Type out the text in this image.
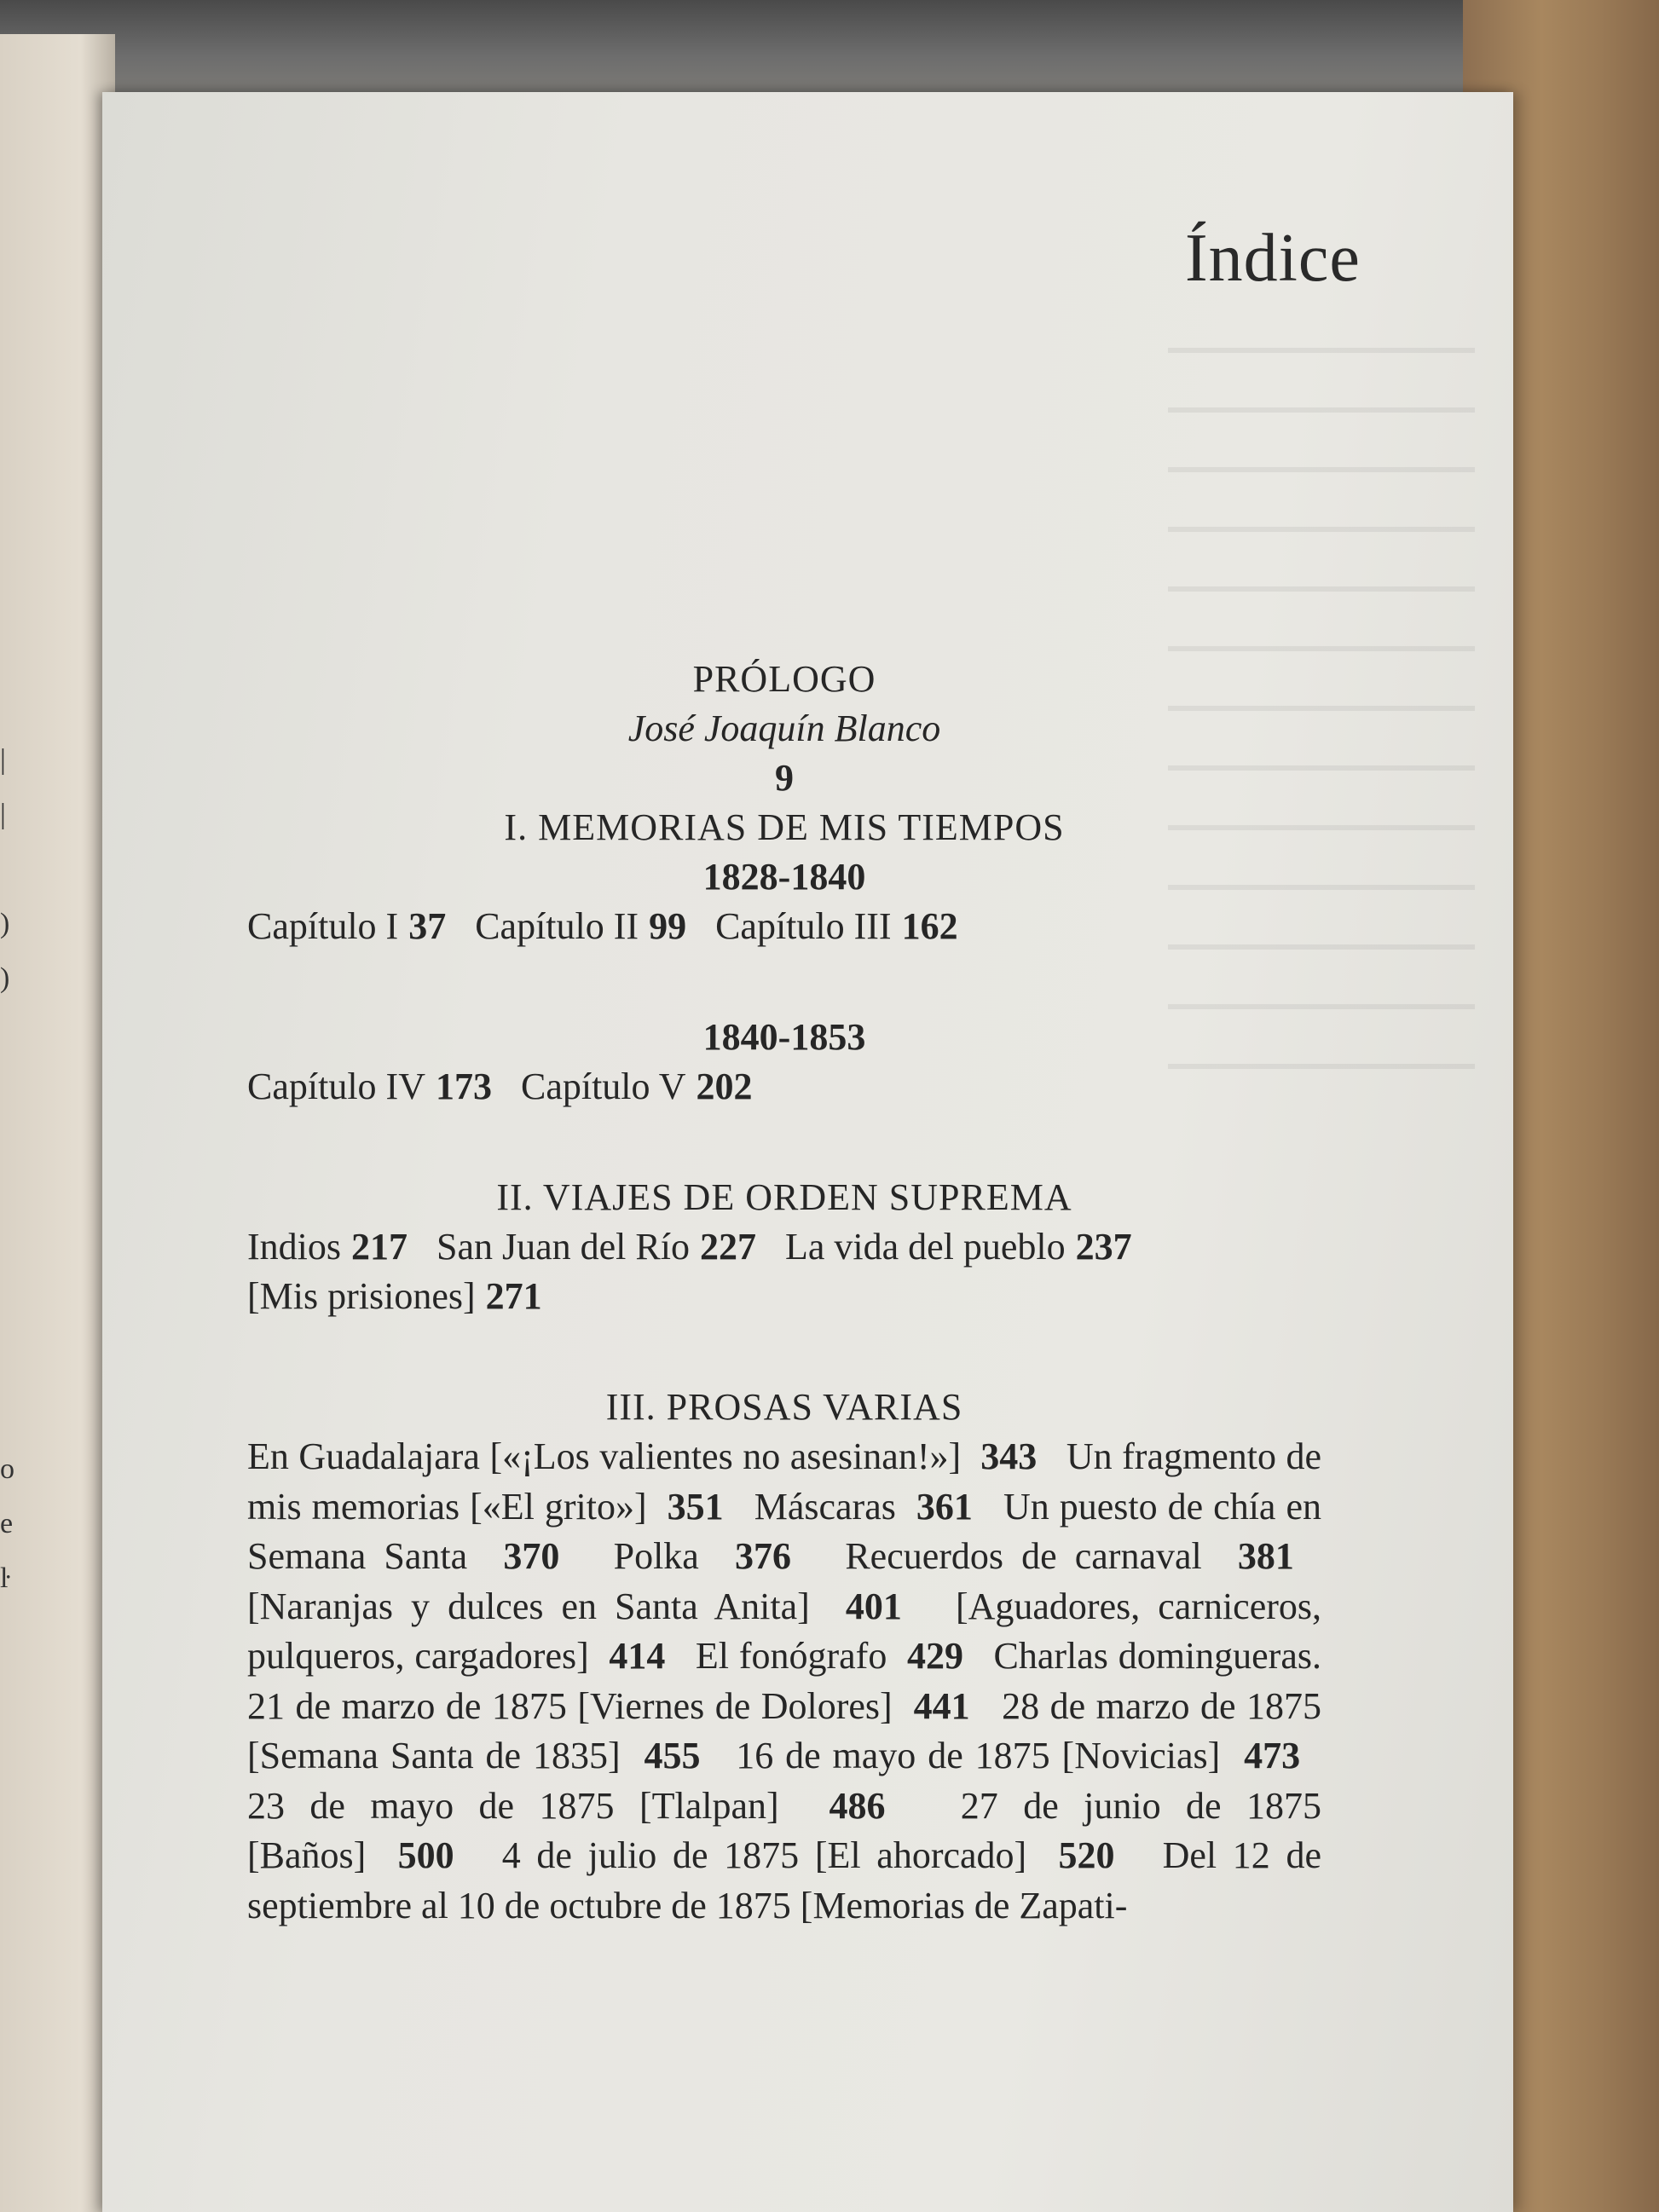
|
|

)
)

o
e
ŀ
Índice
PRÓLOGO
José Joaquín Blanco
9
I. MEMORIAS DE MIS TIEMPOS
1828-1840
Capítulo I 37 Capítulo II 99 Capítulo III 162
1840-1853
Capítulo IV 173 Capítulo V 202
II. VIAJES DE ORDEN SUPREMA
Indios 217 San Juan del Río 227 La vida del pueblo 237
[Mis prisiones] 271
III. PROSAS VARIAS
En Guadalajara [«¡Los valientes no asesinan!»] 343 Un fragmento de mis memorias [«El grito»] 351 Máscaras 361 Un puesto de chía en Semana Santa 370 Polka 376 Recuerdos de carnaval 381   [Naranjas y dulces en Santa Anita] 401 [Aguadores, carniceros, pulqueros, cargadores] 414 El fonógrafo 429 Charlas domingueras. 21 de marzo de 1875 [Viernes de Dolores] 441 28 de marzo de 1875 [Semana Santa de 1835] 455 16 de mayo de 1875 [Novicias] 473   23 de mayo de 1875 [Tlalpan] 486 27 de junio de 1875 [Baños] 500 4 de julio de 1875 [El ahorcado] 520 Del 12 de septiembre al 10 de octubre de 1875 [Memorias de Zapati-
